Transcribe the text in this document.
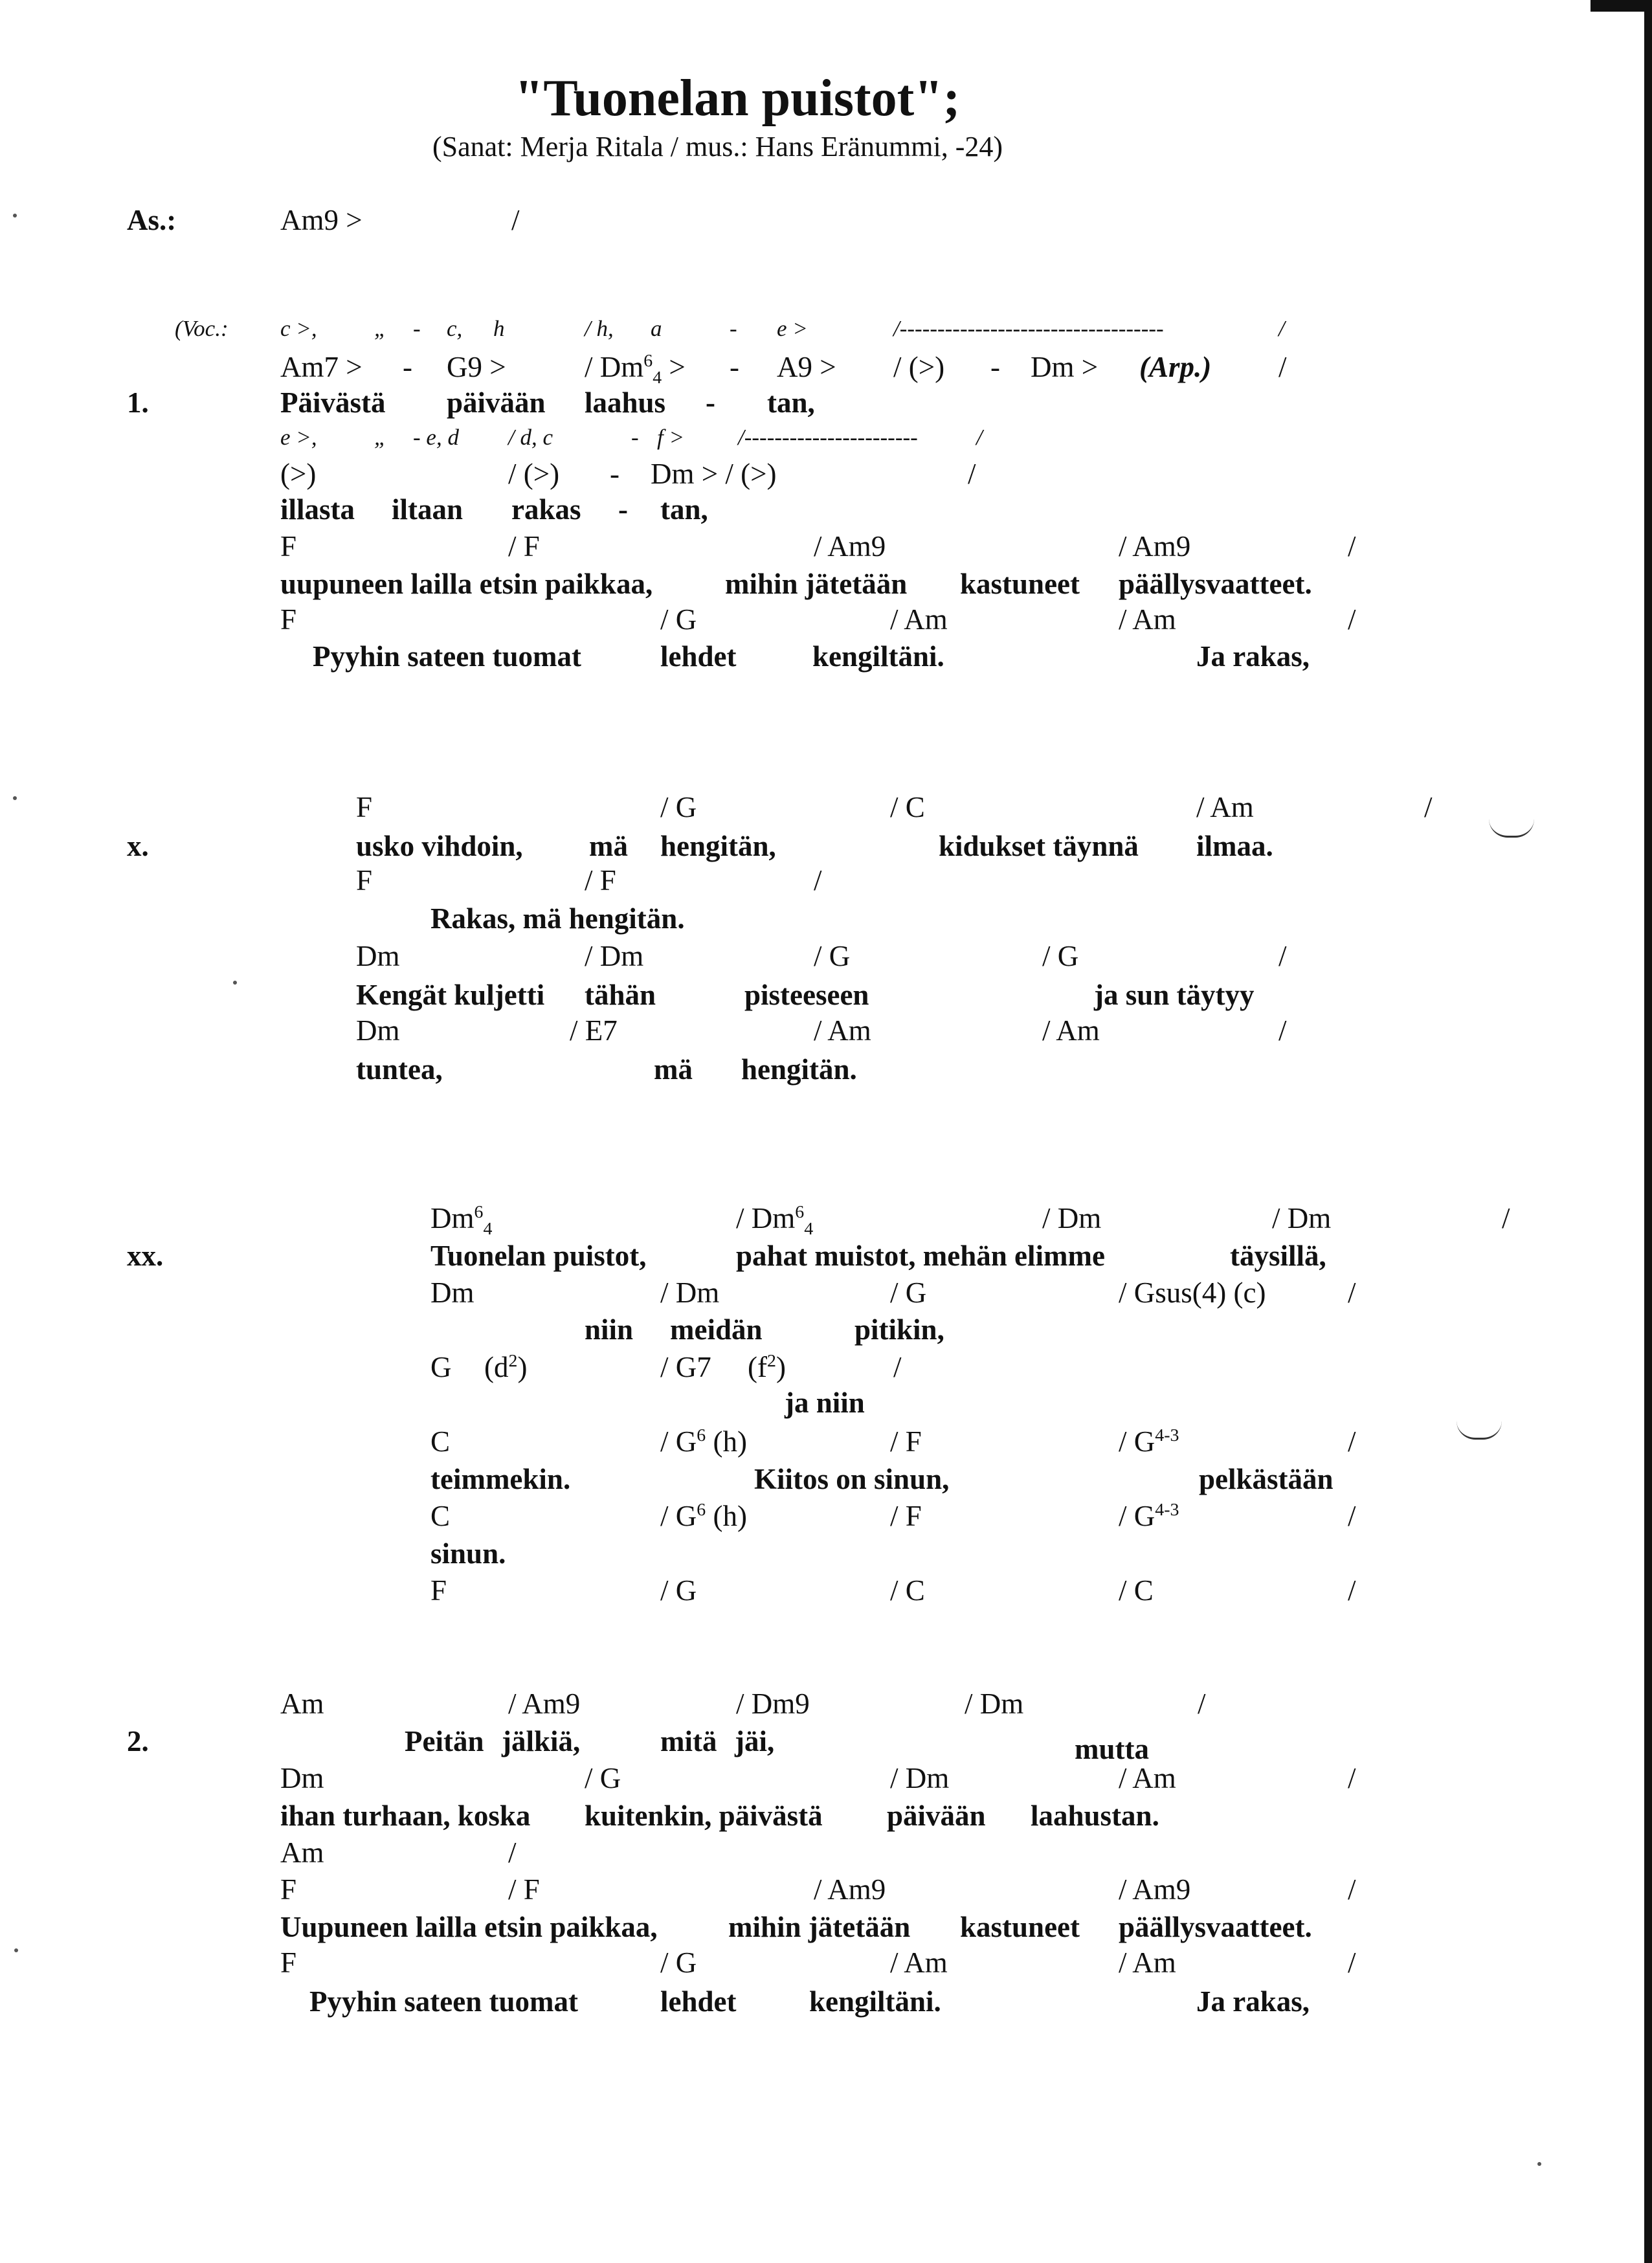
"Tuonelan puistot";
(Sanat: Merja Ritala / mus.: Hans Eränummi, -24)
As.:	Am9 >	/
(Voc.: c >,	„ - c, h	/ h, a	- e >	/-----------------------------------	/
Am7 > - G9 >	/ $Dm^6_4$ > - A9 > / (>) - Dm > (Arp.) /
1.	Päivästä päivään laahus - tan,
e >,	„ - e, d / d, c	- f > /-----------------------	/
(>)	/ (>) - Dm > / (>)	/
illasta iltaan rakas - tan,
F	/ F	/ Am9	/ Am9	/
uupuneen lailla etsin paikkaa, mihin jätetään kastuneet päällysvaatteet.
F	/ G	/ Am	/ Am	/
Pyyhin sateen tuomat	lehdet	kengiltäni.	Ja rakas,
F	/ G	/ C	/ Am	/
x.	usko vihdoin, mä hengitän,	kidukset täynnä ilmaa.
F	/ F	/
Rakas, mä hengitän.
Dm	/ Dm	/ G	/ G	/
Kengät kuljetti tähän	pisteeseen	ja sun täytyy
Dm	/ E7	/ Am	/ Am	/
tuntea,	mä hengitän.
$Dm^6_4$	/ $Dm^6_4$	/ Dm	/ Dm	/
xx.	Tuonelan puistot,	pahat muistot, mehän elimme	täysillä,
Dm	/ Dm	/ G	/ Gsus(4) (c)	/
niin meidän	pitikin,
G $(d^2)$	/ G7 $(f^2)$	/
ja niin
C	/ $G^6$ (h)	/ F	/ $G^{4-3}$	/
teimmekin.	Kiitos on sinun,	pelkästään
C	/ $G^6$ (h)	/ F	/ $G^{4-3}$	/
sinun.
F	/ G	/ C	/ C	/
Am	/ Am9	/ Dm9	/ Dm	/
2.	Peitän jälkiä,	mitä jäi,	mutta
Dm	/ G	/ Dm	/ Am	/
ihan turhaan, koska kuitenkin, päivästä päivään laahustan.
Am	/
F	/ F	/ Am9	/ Am9	/
Uupuneen lailla etsin paikkaa, mihin jätetään kastuneet päällysvaatteet.
F	/ G	/ Am	/ Am	/
Pyyhin sateen tuomat	lehdet	kengiltäni.	Ja rakas,
